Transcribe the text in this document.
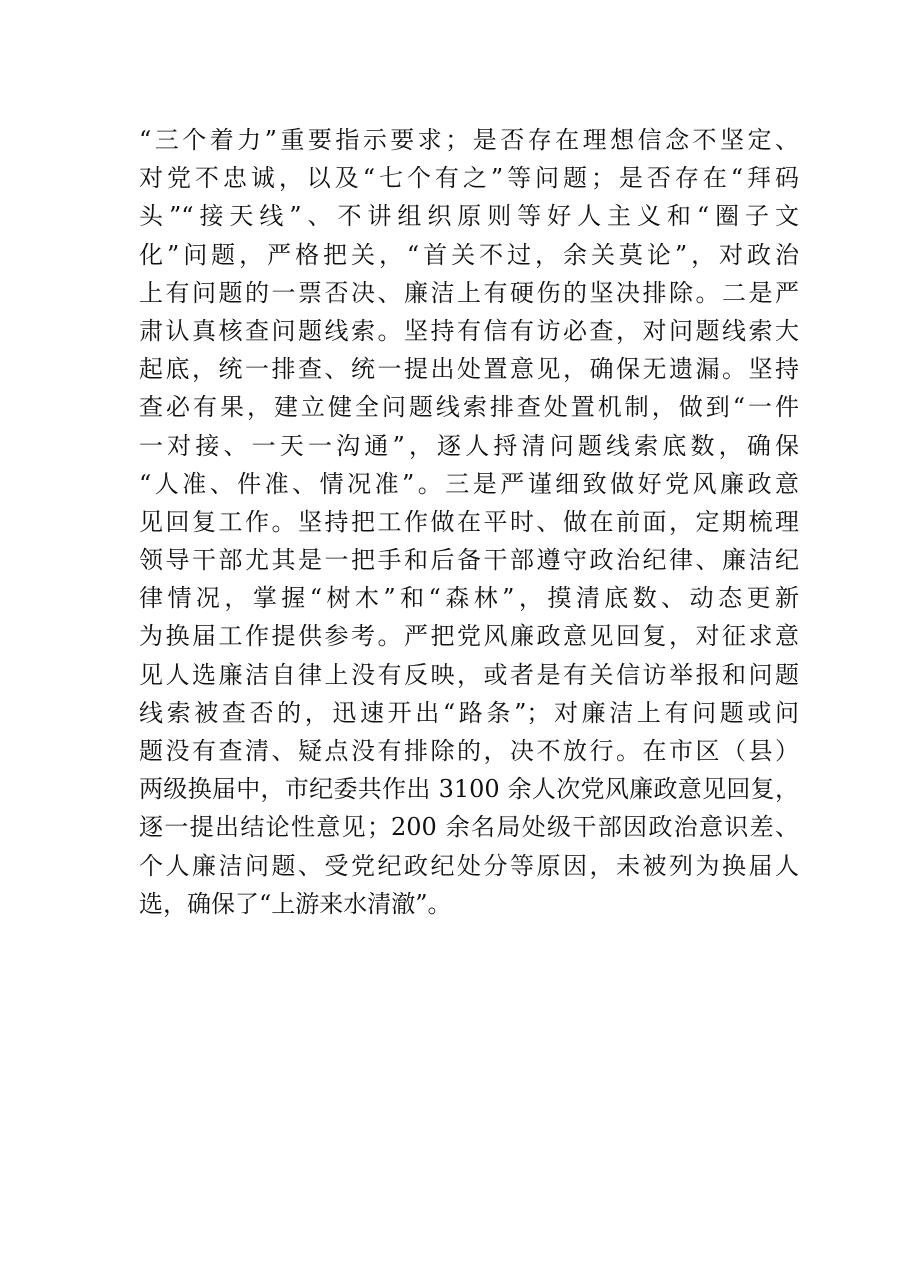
“三个着力”重要指示要求；是否存在理想信念不坚定、
对党不忠诚，以及“七个有之”等问题；是否存在“拜码
头”“接天线”、不讲组织原则等好人主义和“圈子文
化”问题，严格把关，“首关不过，余关莫论”，对政治
上有问题的一票否决、廉洁上有硬伤的坚决排除。二是严
肃认真核查问题线索。坚持有信有访必查，对问题线索大
起底，统一排查、统一提出处置意见，确保无遗漏。坚持
查必有果，建立健全问题线索排查处置机制，做到“一件
一对接、一天一沟通”，逐人捋清问题线索底数，确保
“人准、件准、情况准”。三是严谨细致做好党风廉政意
见回复工作。坚持把工作做在平时、做在前面，定期梳理
领导干部尤其是一把手和后备干部遵守政治纪律、廉洁纪
律情况，掌握“树木”和“森林”，摸清底数、动态更新
为换届工作提供参考。严把党风廉政意见回复，对征求意
见人选廉洁自律上没有反映，或者是有关信访举报和问题
线索被查否的，迅速开出“路条”；对廉洁上有问题或问
题没有查清、疑点没有排除的，决不放行。在市区（县）
两级换届中，市纪委共作出 3100 余人次党风廉政意见回复，
逐一提出结论性意见；200 余名局处级干部因政治意识差、
个人廉洁问题、受党纪政纪处分等原因，未被列为换届人
选，确保了“上游来水清澈”。
